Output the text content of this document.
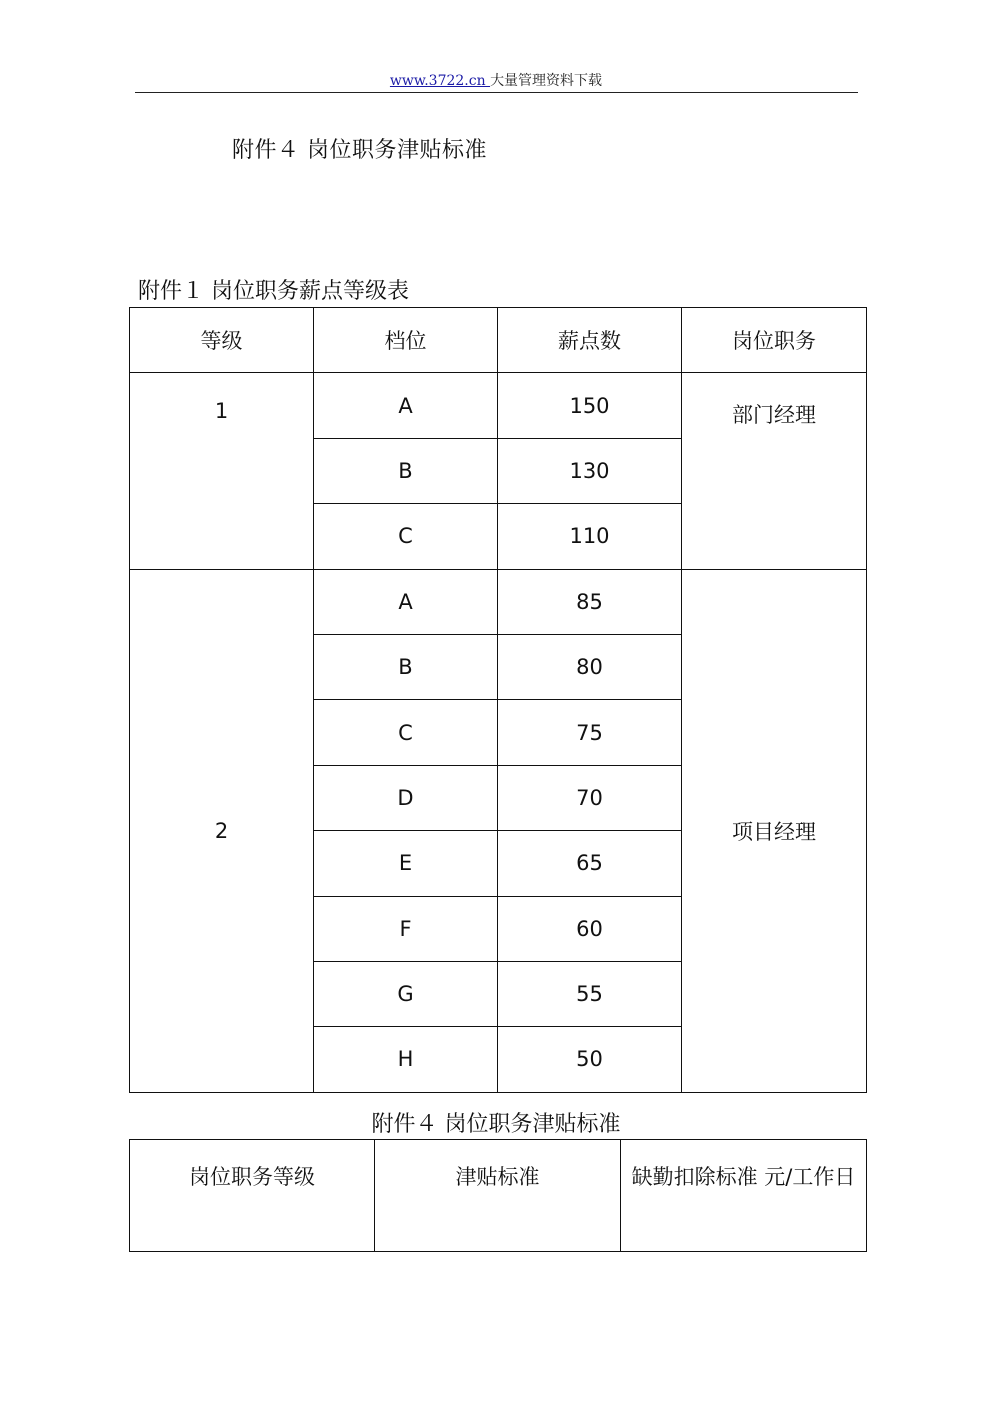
www.3722.cn 大量管理资料下载
附件４ 岗位职务津贴标准
附件１ 岗位职务薪点等级表
等级	档位	薪点数	岗位职务
1	A	150	部门经理
	B	130	
	C	110	
2	A	85	项目经理
	B	80	
	C	75	
	D	70	
	E	65	
	F	60	
	G	55	
	H	50	
附件４ 岗位职务津贴标准
岗位职务等级	津贴标准	缺勤扣除标准 元/工作日
